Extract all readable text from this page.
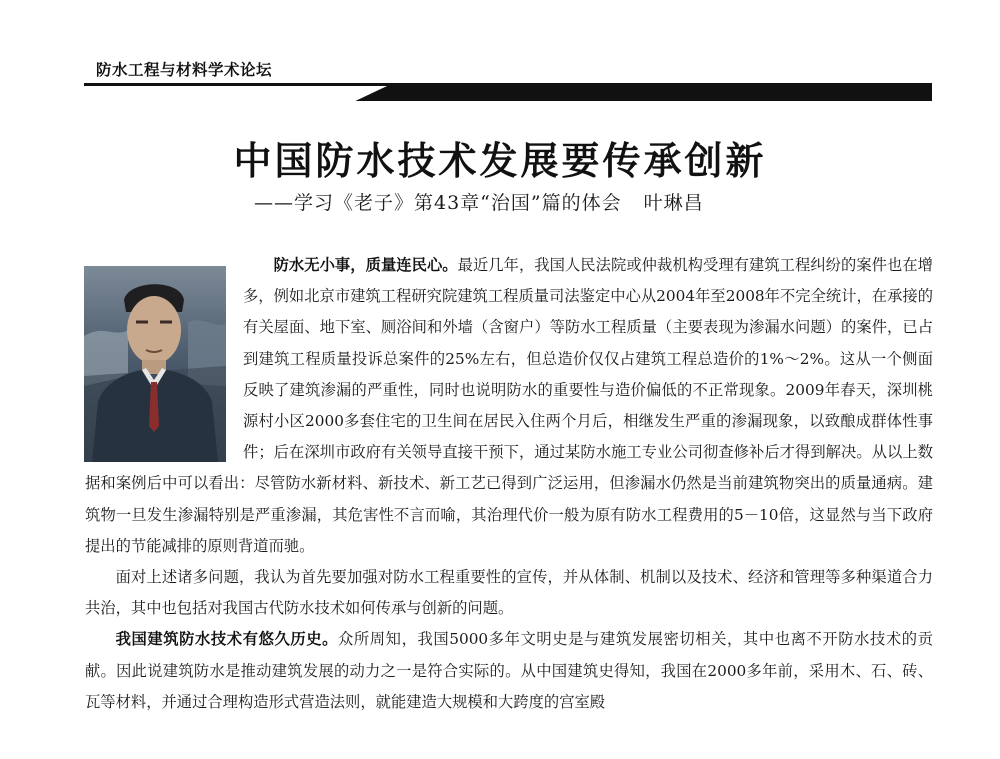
防水工程与材料学术论坛
中国防水技术发展要传承创新
——学习《老子》第43章“治国”篇的体会 叶琳昌

防水无小事，质量连民心。最近几年，我国人民法院或仲裁机构受理有建筑工程纠纷的案件也在增多，例如北京市建筑工程研究院建筑工程质量司法鉴定中心从2004年至2008年不完全统计，在承接的有关屋面、地下室、厕浴间和外墙（含窗户）等防水工程质量（主要表现为渗漏水问题）的案件，已占到建筑工程质量投诉总案件的25%左右，但总造价仅仅占建筑工程总造价的1%～2%。这从一个侧面反映了建筑渗漏的严重性，同时也说明防水的重要性与造价偏低的不正常现象。2009年春天，深圳桃源村小区2000多套住宅的卫生间在居民入住两个月后，相继发生严重的渗漏现象，以致酿成群体性事件；后在深圳市政府有关领导直接干预下，通过某防水施工专业公司彻查修补后才得到解决。从以上数据和案例后中可以看出：尽管防水新材料、新技术、新工艺已得到广泛运用，但渗漏水仍然是当前建筑物突出的质量通病。建筑物一旦发生渗漏特别是严重渗漏，其危害性不言而喻，其治理代价一般为原有防水工程费用的5－10倍，这显然与当下政府提出的节能减排的原则背道而驰。

面对上述诸多问题，我认为首先要加强对防水工程重要性的宣传，并从体制、机制以及技术、经济和管理等多种渠道合力共治，其中也包括对我国古代防水技术如何传承与创新的问题。

我国建筑防水技术有悠久历史。众所周知，我国5000多年文明史是与建筑发展密切相关，其中也离不开防水技术的贡献。因此说建筑防水是推动建筑发展的动力之一是符合实际的。从中国建筑史得知，我国在2000多年前，采用木、石、砖、瓦等材料，并通过合理构造形式营造法则，就能建造大规模和大跨度的宫室殿
